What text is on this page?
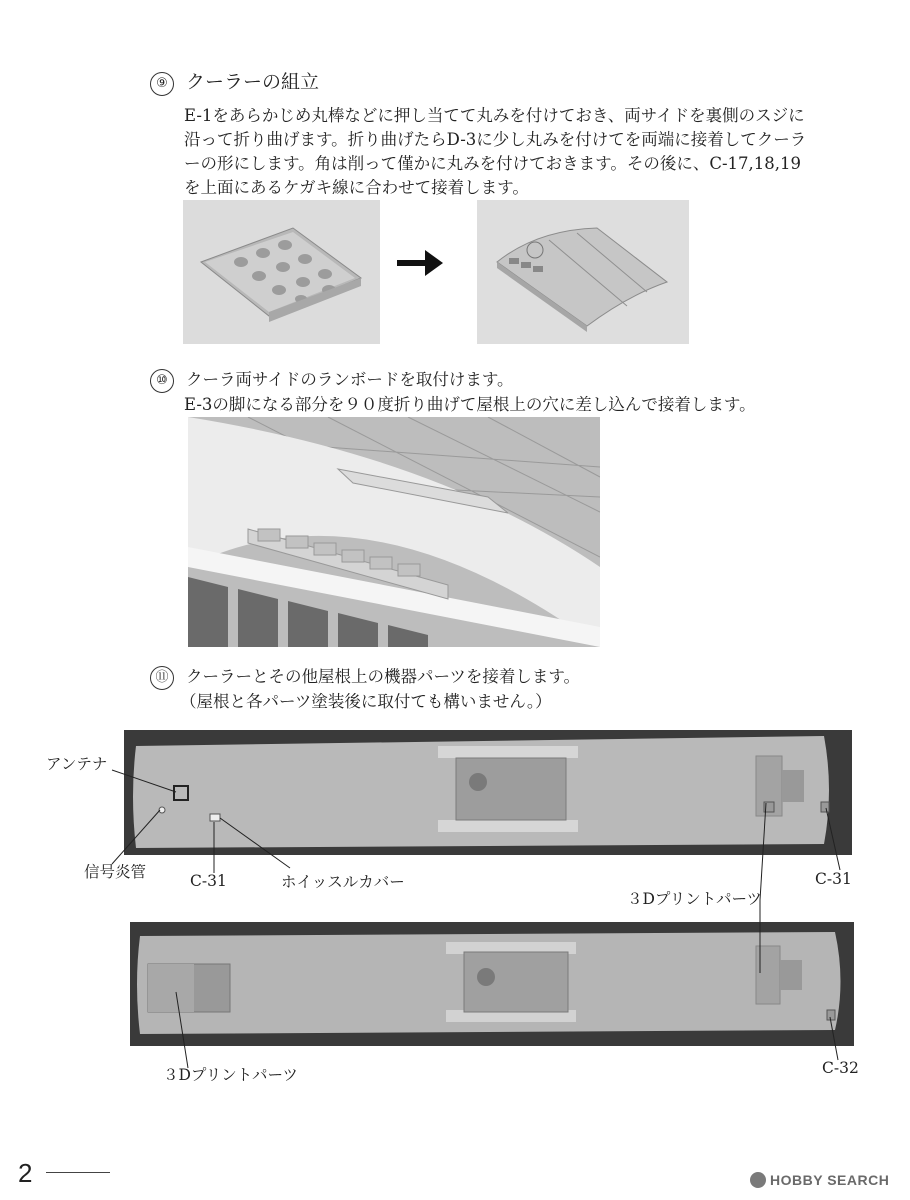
⑨ クーラーの組立
E-1をあらかじめ丸棒などに押し当てて丸みを付けておき、両サイドを裏側のスジに
沿って折り曲げます。折り曲げたらD-3に少し丸みを付けてを両端に接着してクーラ
ーの形にします。角は削って僅かに丸みを付けておきます。その後に、C-17,18,19
を上面にあるケガキ線に合わせて接着します。
⑩ クーラ両サイドのランボードを取付けます。
E-3の脚になる部分を９０度折り曲げて屋根上の穴に差し込んで接着します。
⑪ クーラーとその他屋根上の機器パーツを接着します。
（屋根と各パーツ塗装後に取付ても構いません。）
アンテナ
信号炎管	C-31	ホイッスルカバー	C-31
３Dプリントパーツ
３Dプリントパーツ	C-32
2	HOBBY SEARCH
